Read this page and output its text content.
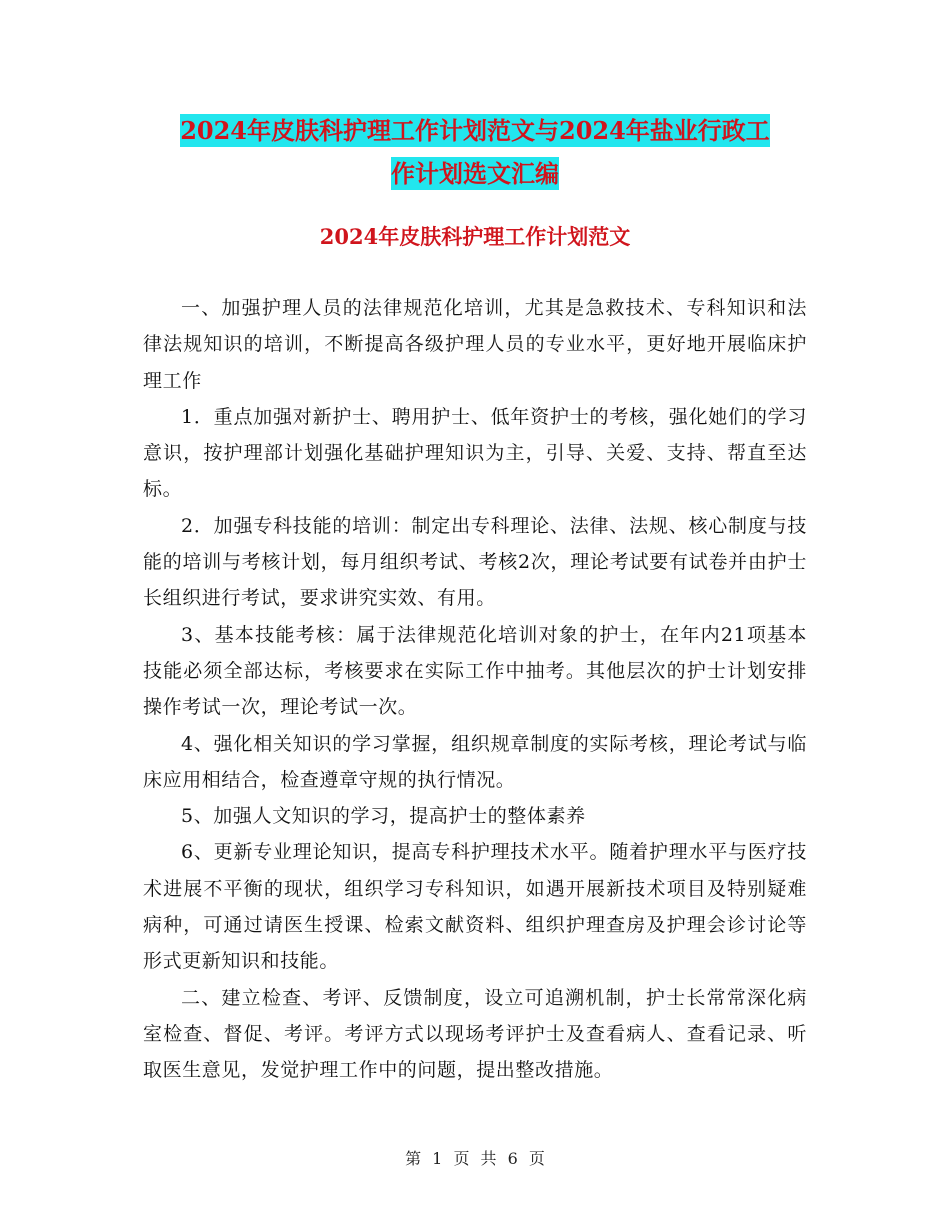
2024年皮肤科护理工作计划范文与2024年盐业行政工
作计划选文汇编
2024年皮肤科护理工作计划范文

一、加强护理人员的法律规范化培训，尤其是急救技术、专科知识和法律法规知识的培训，不断提高各级护理人员的专业水平，更好地开展临床护理工作

1．重点加强对新护士、聘用护士、低年资护士的考核，强化她们的学习意识，按护理部计划强化基础护理知识为主，引导、关爱、支持、帮直至达标。

2．加强专科技能的培训：制定出专科理论、法律、法规、核心制度与技能的培训与考核计划，每月组织考试、考核2次，理论考试要有试卷并由护士长组织进行考试，要求讲究实效、有用。

3、基本技能考核：属于法律规范化培训对象的护士，在年内21项基本技能必须全部达标，考核要求在实际工作中抽考。其他层次的护士计划安排操作考试一次，理论考试一次。

4、强化相关知识的学习掌握，组织规章制度的实际考核，理论考试与临床应用相结合，检查遵章守规的执行情况。

5、加强人文知识的学习，提高护士的整体素养

6、更新专业理论知识，提高专科护理技术水平。随着护理水平与医疗技术进展不平衡的现状，组织学习专科知识，如遇开展新技术项目及特别疑难病种，可通过请医生授课、检索文献资料、组织护理查房及护理会诊讨论等形式更新知识和技能。

二、建立检查、考评、反馈制度，设立可追溯机制，护士长常常深化病室检查、督促、考评。考评方式以现场考评护士及查看病人、查看记录、听取医生意见，发觉护理工作中的问题，提出整改措施。

第 1 页 共 6 页
